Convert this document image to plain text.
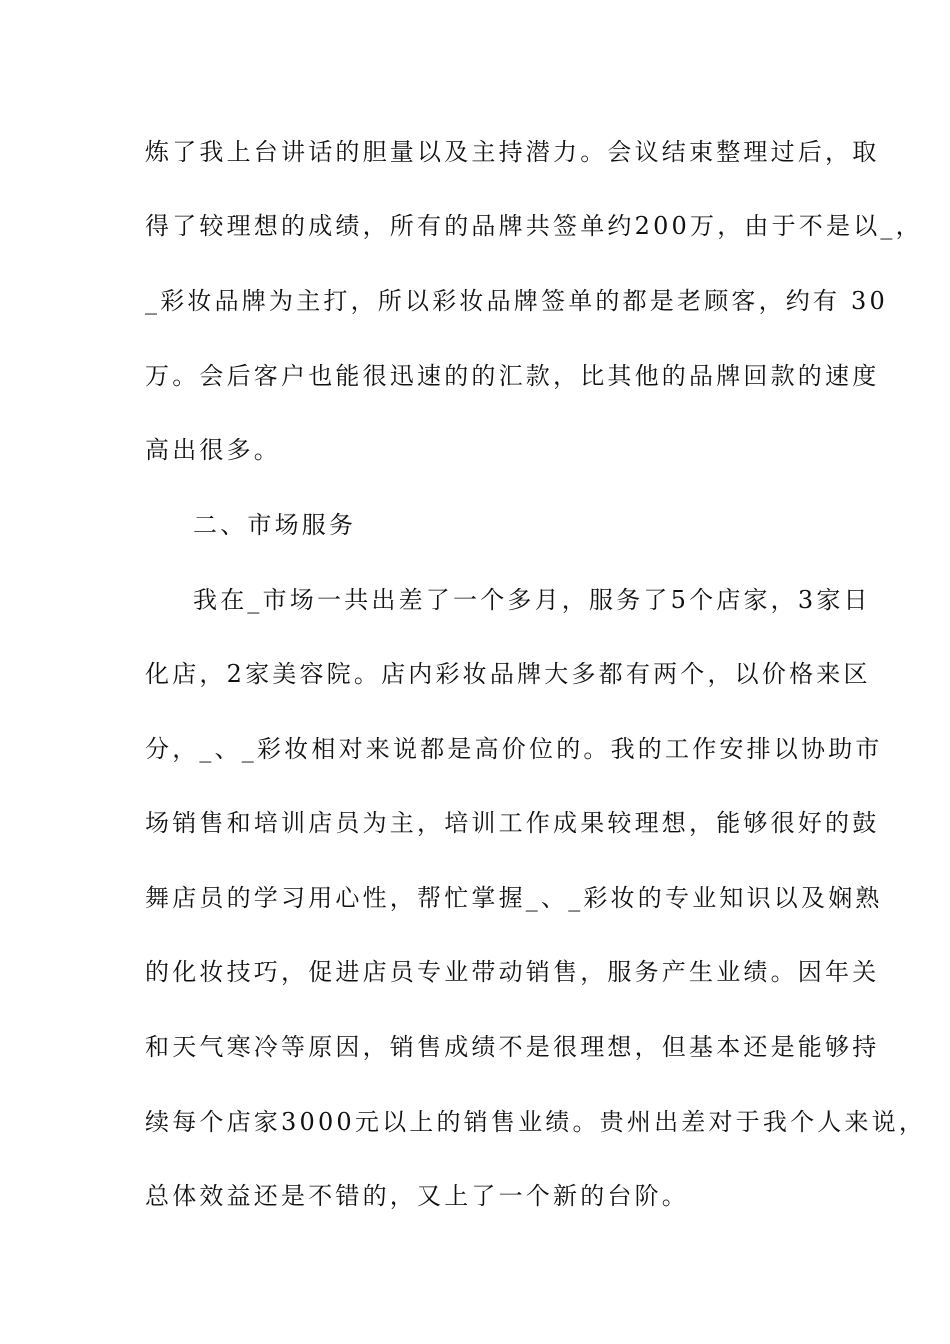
炼了我上台讲话的胆量以及主持潜力。会议结束整理过后，取
得了较理想的成绩，所有的品牌共签单约200万，由于不是以_，
_彩妆品牌为主打，所以彩妆品牌签单的都是老顾客，约有 30
万。会后客户也能很迅速的的汇款，比其他的品牌回款的速度
高出很多。
二、市场服务
我在_市场一共出差了一个多月，服务了5个店家，3家日
化店，2家美容院。店内彩妆品牌大多都有两个，以价格来区
分，_、_彩妆相对来说都是高价位的。我的工作安排以协助市
场销售和培训店员为主，培训工作成果较理想，能够很好的鼓
舞店员的学习用心性，帮忙掌握_、_彩妆的专业知识以及娴熟
的化妆技巧，促进店员专业带动销售，服务产生业绩。因年关
和天气寒冷等原因，销售成绩不是很理想，但基本还是能够持
续每个店家3000元以上的销售业绩。贵州出差对于我个人来说，
总体效益还是不错的，又上了一个新的台阶。
